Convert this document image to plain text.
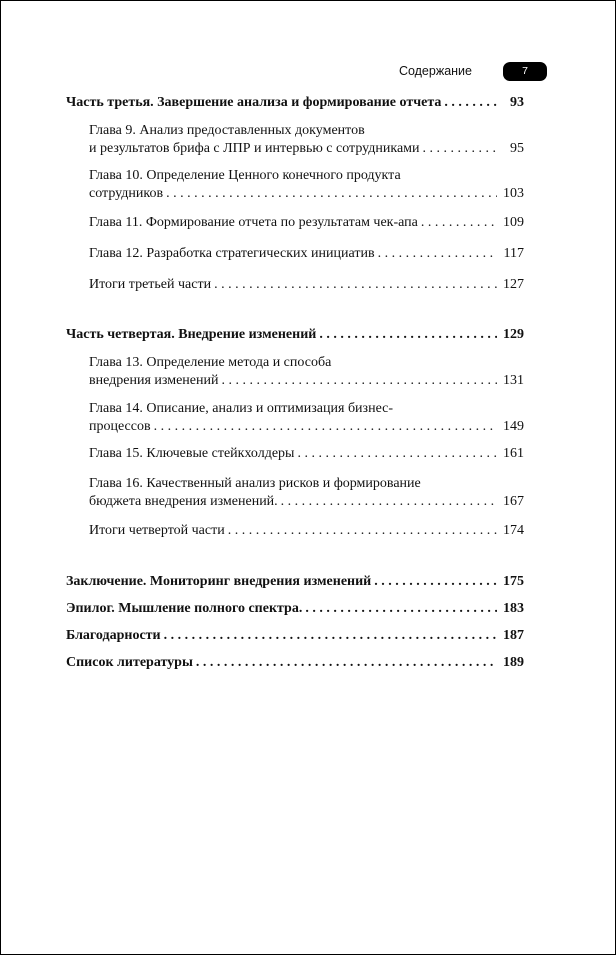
Содержание	7
Часть третья. Завершение анализа и формирование отчета . . .	93
Глава 9. Анализ предоставленных документов
и результатов брифа с ЛПР и интервью с сотрудниками . . .	95
Глава 10. Определение Ценного конечного продукта
сотрудников . . .	103
Глава 11. Формирование отчета по результатам чек-апа . . .	109
Глава 12. Разработка стратегических инициатив . . .	117
Итоги третьей части . . .	127
Часть четвертая. Внедрение изменений . . .	129
Глава 13. Определение метода и способа
внедрения изменений . . .	131
Глава 14. Описание, анализ и оптимизация бизнес-
процессов . . .	149
Глава 15. Ключевые стейкхолдеры . . .	161
Глава 16. Качественный анализ рисков и формирование
бюджета внедрения изменений. . . .	167
Итоги четвертой части . . .	174
Заключение. Мониторинг внедрения изменений . . .	175
Эпилог. Мышление полного спектра. . . .	183
Благодарности . . .	187
Список литературы . . .	189
